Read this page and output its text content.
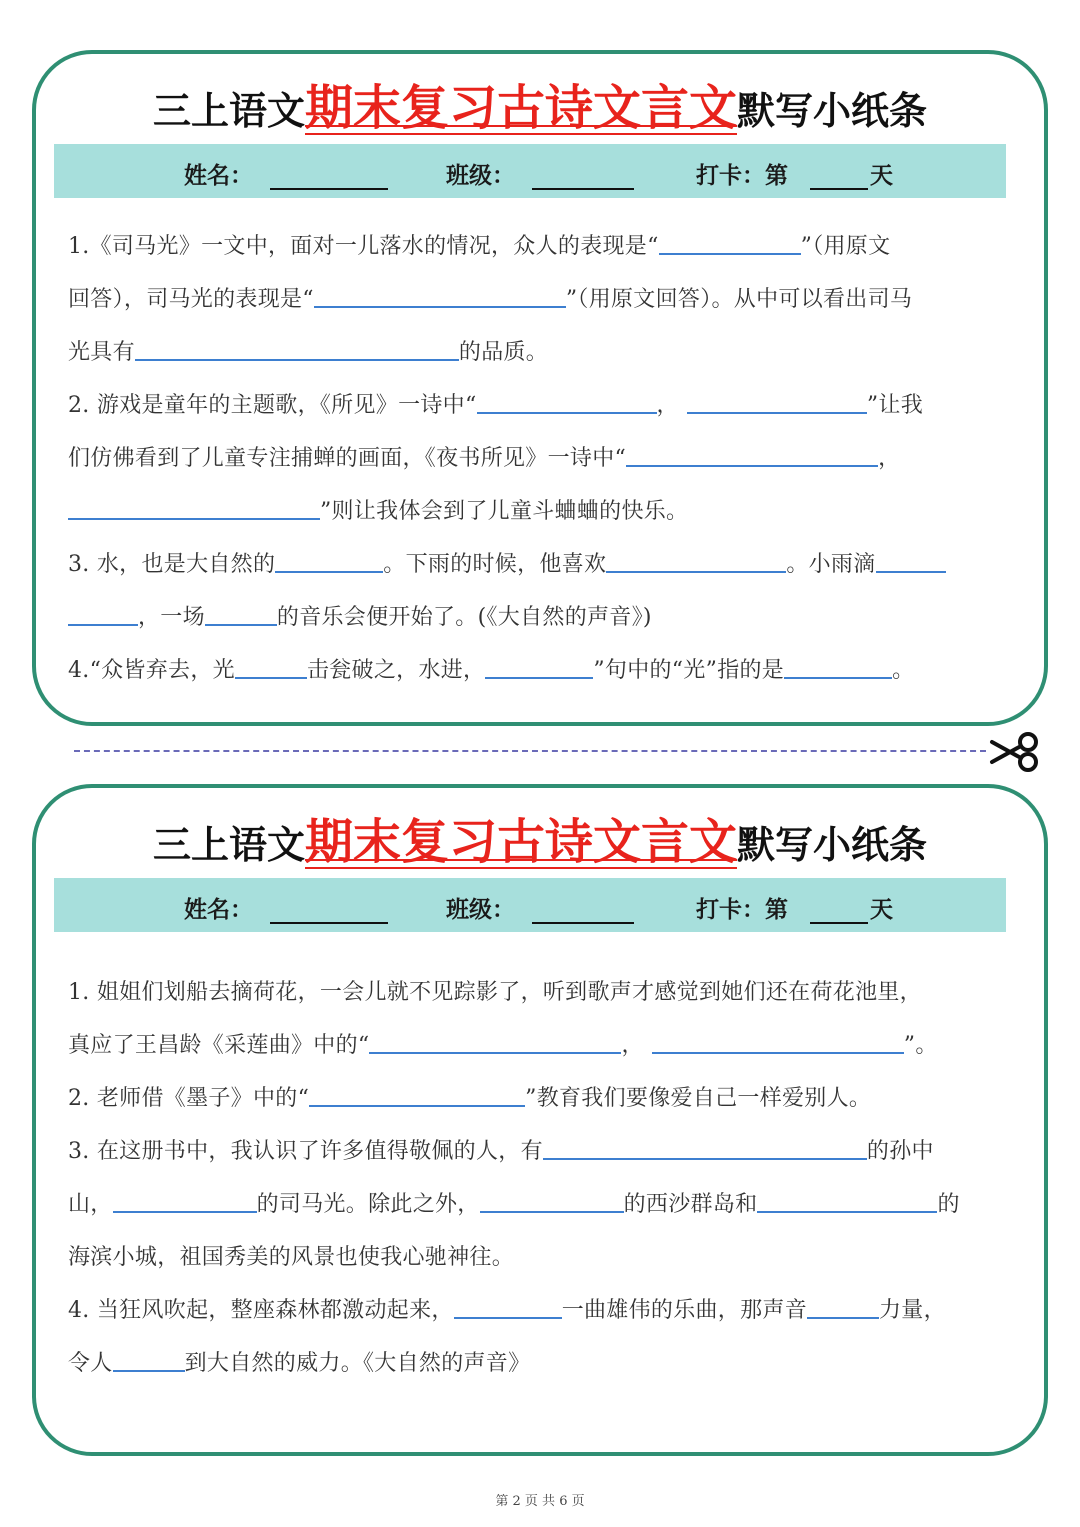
三上语文期末复习古诗文言文默写小纸条
姓名：	班级：	打卡：第	天
1.《司马光》一文中，面对一儿落水的情况，众人的表现是“	”（用原文
回答），司马光的表现是“	”（用原文回答）。从中可以看出司马
光具有	的品质。
2. 游戏是童年的主题歌，《所见》一诗中“	，	”让我
们仿佛看到了儿童专注捕蝉的画面，《夜书所见》一诗中“	，
”则让我体会到了儿童斗蛐蛐的快乐。
3. 水，也是大自然的	。下雨的时候，他喜欢	。小雨滴
，一场	的音乐会便开始了。(《大自然的声音》)
4.“众皆弃去，光	击瓮破之，水进，	”句中的“光”指的是	。
三上语文期末复习古诗文言文默写小纸条
姓名：	班级：	打卡：第	天
1. 姐姐们划船去摘荷花，一会儿就不见踪影了，听到歌声才感觉到她们还在荷花池里，
真应了王昌龄《采莲曲》中的“	，	”。
2. 老师借《墨子》中的“	”教育我们要像爱自己一样爱别人。
3. 在这册书中，我认识了许多值得敬佩的人，有	的孙中
山，	的司马光。除此之外，	的西沙群岛和	的
海滨小城，祖国秀美的风景也使我心驰神往。
4. 当狂风吹起，整座森林都激动起来，	一曲雄伟的乐曲，那声音	力量，
令人	到大自然的威力。《大自然的声音》
第 2 页 共 6 页
